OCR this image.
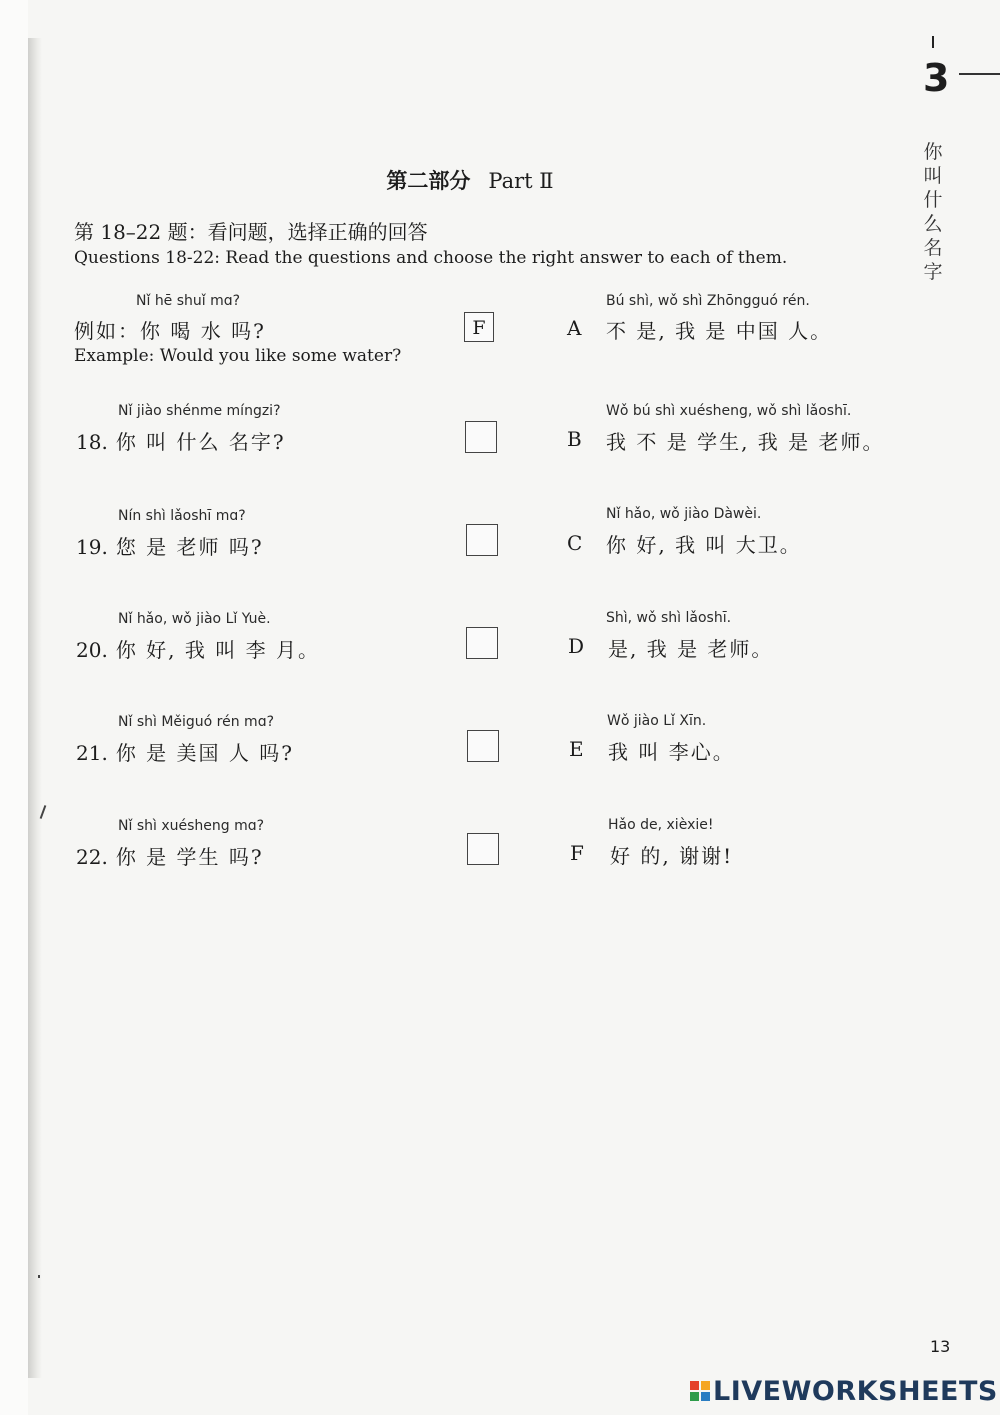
3
你叫什么名字
第二部分 Part Ⅱ
第 18–22 题：看问题，选择正确的回答
Questions 18-22: Read the questions and choose the right answer to each of them.
Nǐ hē shuǐ mɑ?
例如：你 喝 水 吗?
Example: Would you like some water?
F
Nǐ jiào shénme míngzi?
18. 你 叫 什么 名字?
Nín shì lǎoshī mɑ?
19. 您 是 老师 吗?
Nǐ hǎo, wǒ jiào Lǐ Yuè.
20. 你 好, 我 叫 李 月。
Nǐ shì Měiguó rén mɑ?
21. 你 是 美国 人 吗?
Nǐ shì xuésheng mɑ?
22. 你 是 学生 吗?
Bú shì, wǒ shì Zhōngguó rén.
A 不 是, 我 是 中国 人。
Wǒ bú shì xuésheng, wǒ shì lǎoshī.
B 我 不 是 学生, 我 是 老师。
Nǐ hǎo, wǒ jiào Dàwèi.
C 你 好, 我 叫 大卫。
Shì, wǒ shì lǎoshī.
D 是, 我 是 老师。
Wǒ jiào Lǐ Xīn.
E 我 叫 李心。
Hǎo de, xièxie!
F 好 的, 谢谢!
13
LIVEWORKSHEETS
